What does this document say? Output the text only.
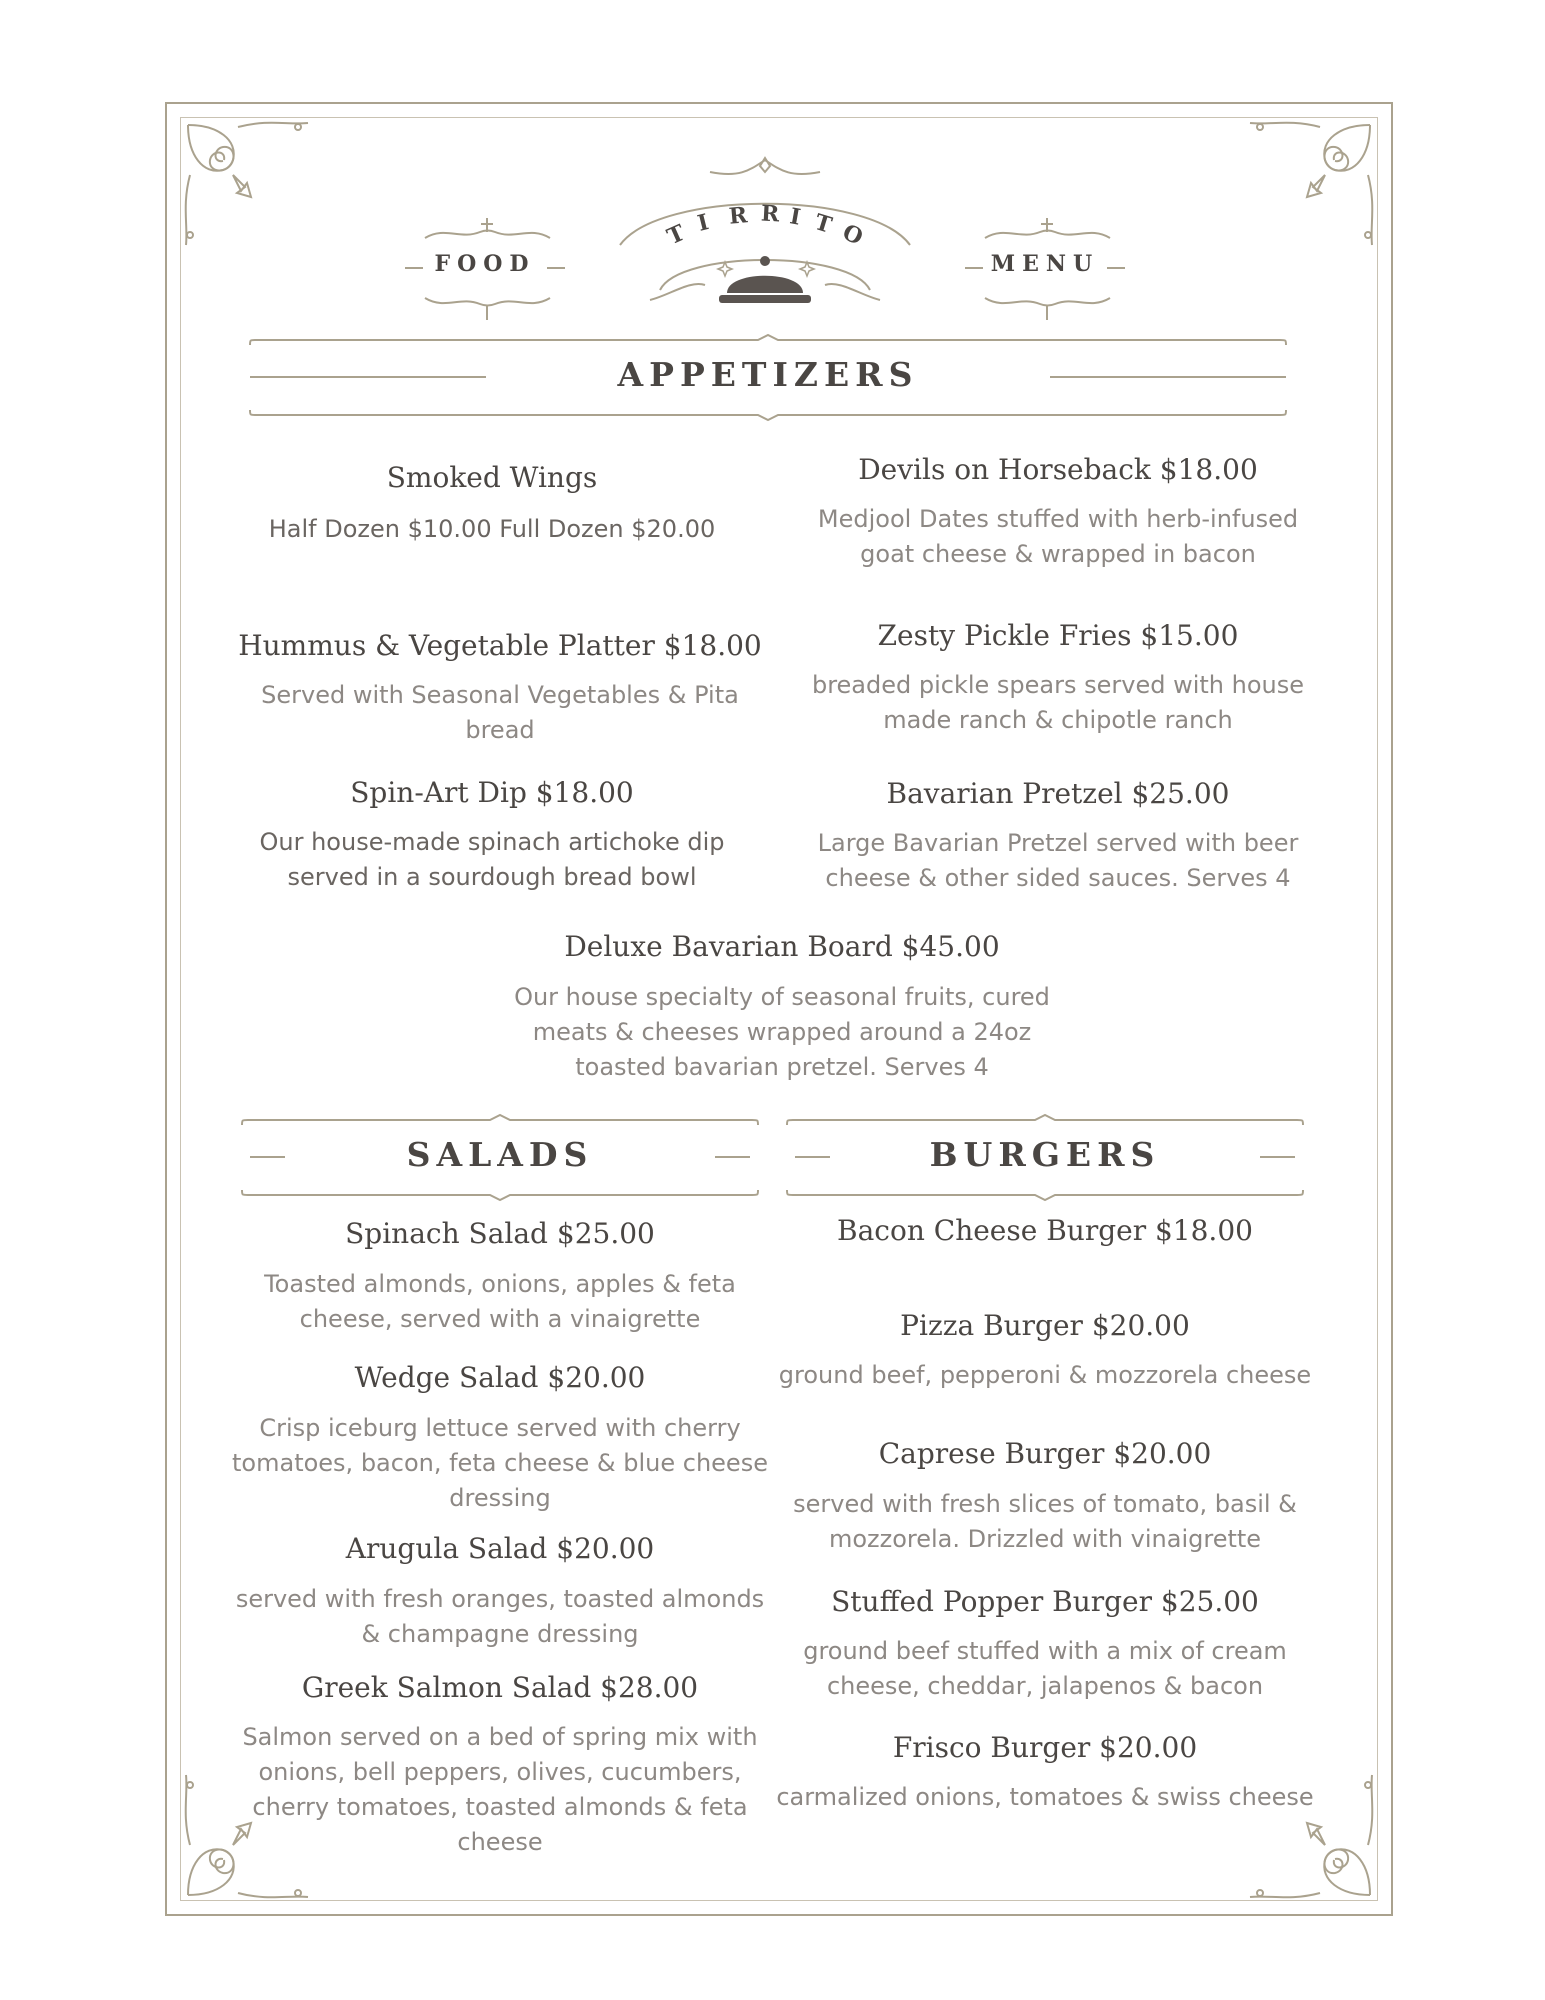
FOOD	MENU
T I R R I T O
APPETIZERS
Smoked Wings
Half Dozen $10.00 Full Dozen $20.00
Devils on Horseback $18.00
Medjool Dates stuffed with herb-infused
goat cheese & wrapped in bacon
Hummus & Vegetable Platter $18.00
Served with Seasonal Vegetables & Pita
bread
Zesty Pickle Fries $15.00
breaded pickle spears served with house
made ranch & chipotle ranch
Spin-Art Dip $18.00
Our house-made spinach artichoke dip
served in a sourdough bread bowl
Bavarian Pretzel $25.00
Large Bavarian Pretzel served with beer
cheese & other sided sauces. Serves 4
Deluxe Bavarian Board $45.00
Our house specialty of seasonal fruits, cured
meats & cheeses wrapped around a 24oz
toasted bavarian pretzel. Serves 4
SALADS	BURGERS
Spinach Salad $25.00
Toasted almonds, onions, apples & feta
cheese, served with a vinaigrette
Wedge Salad $20.00
Crisp iceburg lettuce served with cherry
tomatoes, bacon, feta cheese & blue cheese
dressing
Arugula Salad $20.00
served with fresh oranges, toasted almonds
& champagne dressing
Greek Salmon Salad $28.00
Salmon served on a bed of spring mix with
onions, bell peppers, olives, cucumbers,
cherry tomatoes, toasted almonds & feta
cheese
Bacon Cheese Burger $18.00
Pizza Burger $20.00
ground beef, pepperoni & mozzorela cheese
Caprese Burger $20.00
served with fresh slices of tomato, basil &
mozzorela. Drizzled with vinaigrette
Stuffed Popper Burger $25.00
ground beef stuffed with a mix of cream
cheese, cheddar, jalapenos & bacon
Frisco Burger $20.00
carmalized onions, tomatoes & swiss cheese
